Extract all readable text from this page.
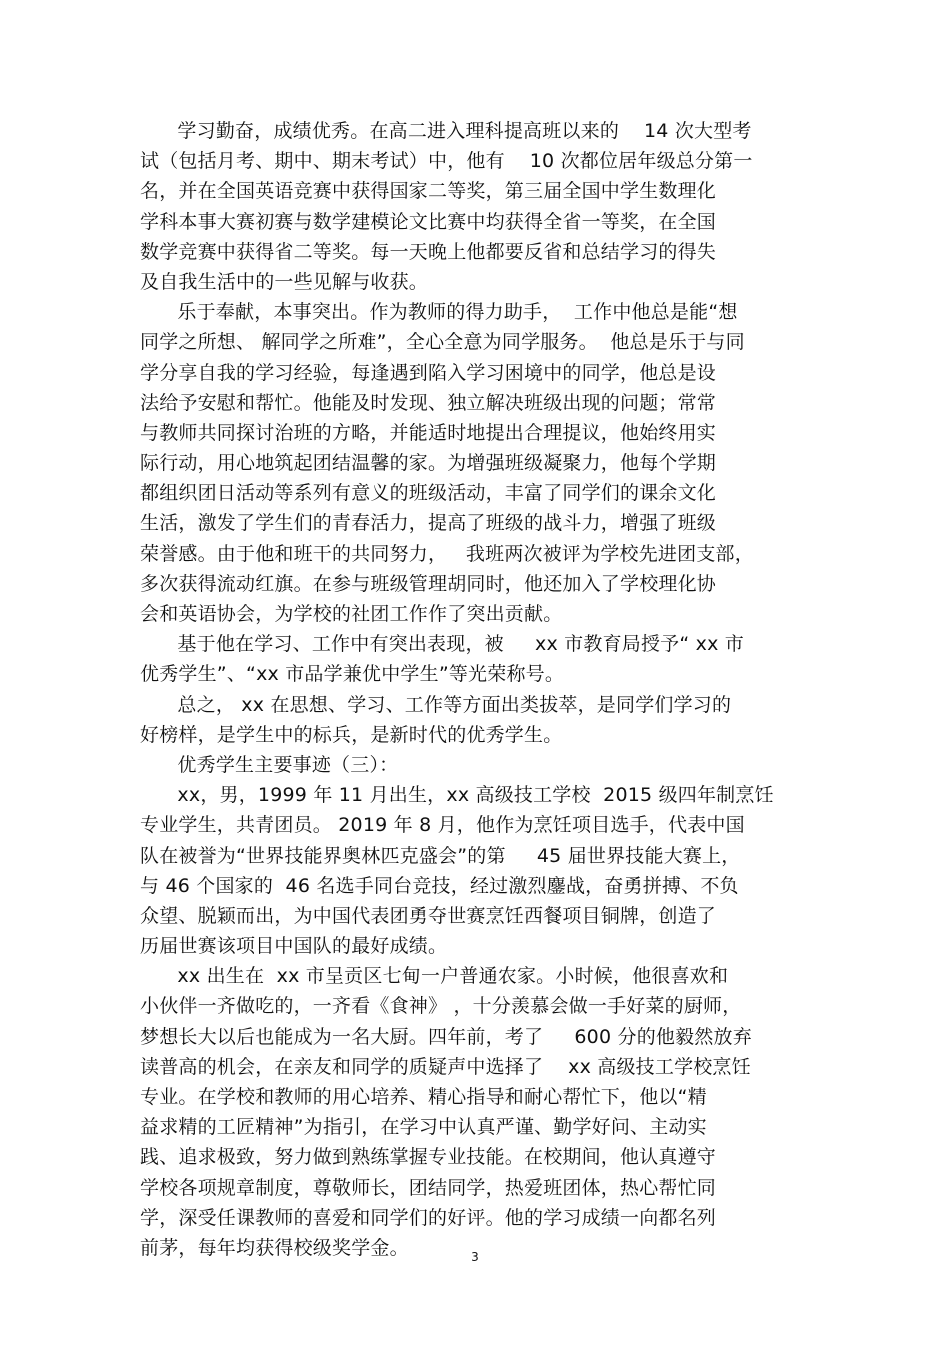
学习勤奋，成绩优秀。在高二进入理科提高班以来的    14 次大型考
试（包括月考、期中、期末考试）中，他有    10 次都位居年级总分第一
名，并在全国英语竞赛中获得国家二等奖，第三届全国中学生数理化
学科本事大赛初赛与数学建模论文比赛中均获得全省一等奖，在全国
数学竞赛中获得省二等奖。每一天晚上他都要反省和总结学习的得失
及自我生活中的一些见解与收获。
乐于奉献，本事突出。作为教师的得力助手，  工作中他总是能“想
同学之所想、 解同学之所难”，全心全意为同学服务。  他总是乐于与同
学分享自我的学习经验，每逢遇到陷入学习困境中的同学，他总是设
法给予安慰和帮忙。他能及时发现、独立解决班级出现的问题；常常
与教师共同探讨治班的方略，并能适时地提出合理提议，他始终用实
际行动，用心地筑起团结温馨的家。为增强班级凝聚力，他每个学期
都组织团日活动等系列有意义的班级活动，丰富了同学们的课余文化
生活，激发了学生们的青春活力，提高了班级的战斗力，增强了班级
荣誉感。由于他和班干的共同努力，   我班两次被评为学校先进团支部，
多次获得流动红旗。在参与班级管理胡同时，他还加入了学校理化协
会和英语协会，为学校的社团工作作了突出贡献。
基于他在学习、工作中有突出表现，被     xx 市教育局授予“ xx 市
优秀学生”、“xx 市品学兼优中学生”等光荣称号。
总之， xx 在思想、学习、工作等方面出类拔萃，是同学们学习的
好榜样，是学生中的标兵，是新时代的优秀学生。
优秀学生主要事迹（三）：
xx，男，1999 年 11 月出生，xx 高级技工学校  2015 级四年制烹饪
专业学生，共青团员。 2019 年 8 月，他作为烹饪项目选手，代表中国
队在被誉为“世界技能界奥林匹克盛会”的第     45 届世界技能大赛上，
与 46 个国家的  46 名选手同台竞技，经过激烈鏖战，奋勇拼搏、不负
众望、脱颖而出，为中国代表团勇夺世赛烹饪西餐项目铜牌，创造了
历届世赛该项目中国队的最好成绩。
xx 出生在  xx 市呈贡区七甸一户普通农家。小时候，他很喜欢和
小伙伴一齐做吃的，一齐看《食神》 ，十分羡慕会做一手好菜的厨师，
梦想长大以后也能成为一名大厨。四年前，考了     600 分的他毅然放弃
读普高的机会，在亲友和同学的质疑声中选择了    xx 高级技工学校烹饪
专业。在学校和教师的用心培养、精心指导和耐心帮忙下，他以“精
益求精的工匠精神”为指引，在学习中认真严谨、勤学好问、主动实
践、追求极致，努力做到熟练掌握专业技能。在校期间，他认真遵守
学校各项规章制度，尊敬师长，团结同学，热爱班团体，热心帮忙同
学，深受任课教师的喜爱和同学们的好评。他的学习成绩一向都名列
前茅，每年均获得校级奖学金。	3
